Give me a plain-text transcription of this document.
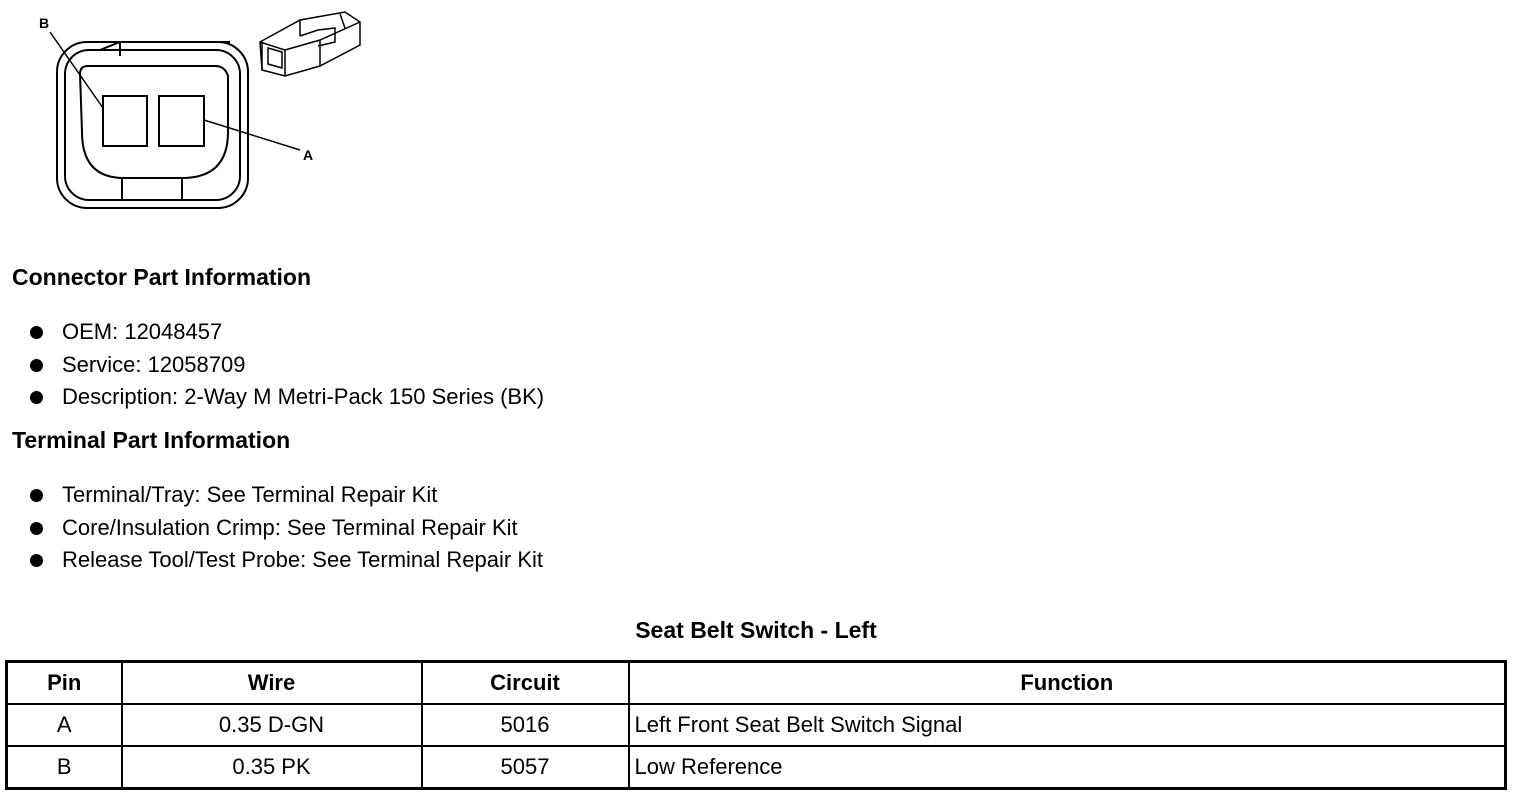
B
A
Connector Part Information
OEM: 12048457
Service: 12058709
Description: 2-Way M Metri-Pack 150 Series (BK)
Terminal Part Information
Terminal/Tray: See Terminal Repair Kit
Core/Insulation Crimp: See Terminal Repair Kit
Release Tool/Test Probe: See Terminal Repair Kit
Seat Belt Switch - Left
Pin	Wire	Circuit	Function
A	0.35 D-GN	5016	Left Front Seat Belt Switch Signal
B	0.35 PK	5057	Low Reference
